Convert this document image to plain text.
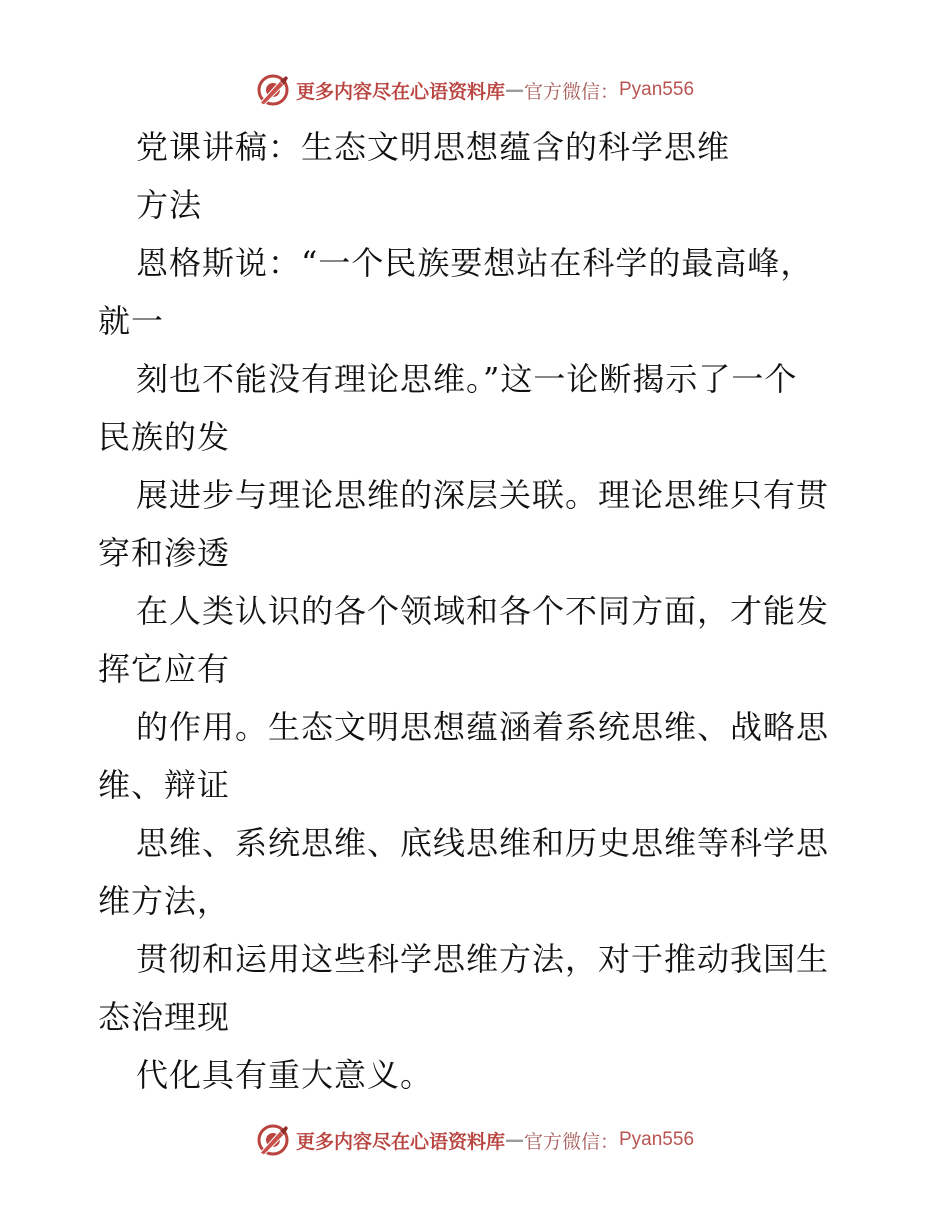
更多内容尽在心语资料库 — 官方微信： Pyan556
党课讲稿：生态文明思想蕴含的科学思维
方法
恩格斯说：“一个民族要想站在科学的最高峰，
就一
刻也不能没有理论思维。”这一论断揭示了一个
民族的发
展进步与理论思维的深层关联。理论思维只有贯
穿和渗透
在人类认识的各个领域和各个不同方面，才能发
挥它应有
的作用。生态文明思想蕴涵着系统思维、战略思
维、辩证
思维、系统思维、底线思维和历史思维等科学思
维方法，
贯彻和运用这些科学思维方法，对于推动我国生
态治理现
代化具有重大意义。
更多内容尽在心语资料库 — 官方微信： Pyan556
